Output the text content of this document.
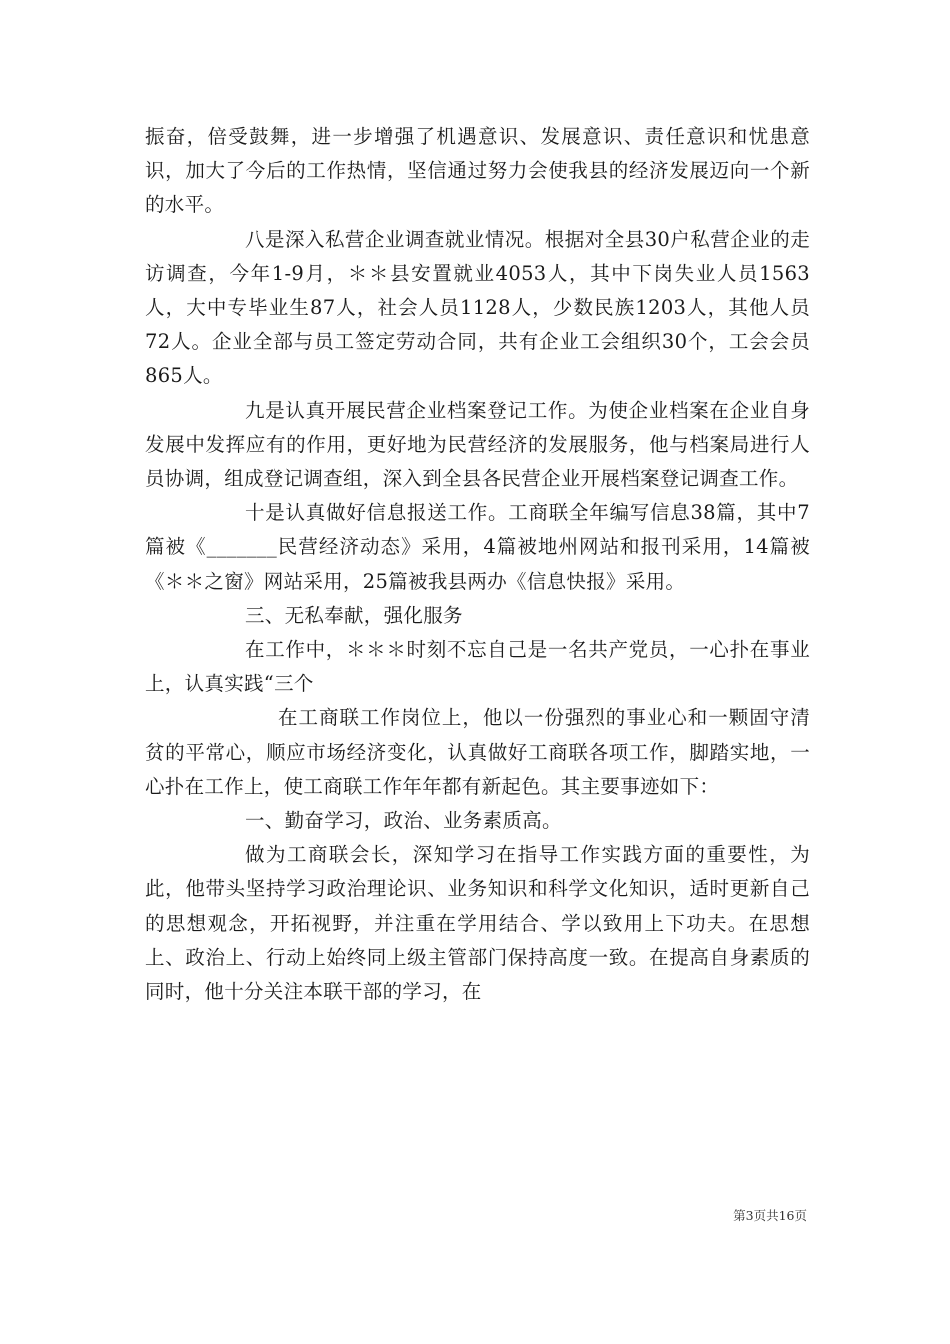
振奋，倍受鼓舞，进一步增强了机遇意识、发展意识、责任意识和忧患意识，加大了今后的工作热情，坚信通过努力会使我县的经济发展迈向一个新的水平。

八是深入私营企业调查就业情况。根据对全县30户私营企业的走访调查，今年1-9月，＊＊县安置就业4053人，其中下岗失业人员1563人，大中专毕业生87人，社会人员1128人，少数民族1203人，其他人员72人。企业全部与员工签定劳动合同，共有企业工会组织30个，工会会员865人。

九是认真开展民营企业档案登记工作。为使企业档案在企业自身发展中发挥应有的作用，更好地为民营经济的发展服务，他与档案局进行人员协调，组成登记调查组，深入到全县各民营企业开展档案登记调查工作。

十是认真做好信息报送工作。工商联全年编写信息38篇，其中7篇被《_______民营经济动态》采用，4篇被地州网站和报刊采用，14篇被《＊＊之窗》网站采用，25篇被我县两办《信息快报》采用。

三、无私奉献，强化服务

在工作中，＊＊＊时刻不忘自己是一名共产党员，一心扑在事业上，认真实践“三个

在工商联工作岗位上，他以一份强烈的事业心和一颗固守清贫的平常心，顺应市场经济变化，认真做好工商联各项工作，脚踏实地，一心扑在工作上，使工商联工作年年都有新起色。其主要事迹如下：

一、勤奋学习，政治、业务素质高。

做为工商联会长，深知学习在指导工作实践方面的重要性，为此，他带头坚持学习政治理论识、业务知识和科学文化知识，适时更新自己的思想观念，开拓视野，并注重在学用结合、学以致用上下功夫。在思想上、政治上、行动上始终同上级主管部门保持高度一致。在提高自身素质的同时，他十分关注本联干部的学习，在

第3页共16页
